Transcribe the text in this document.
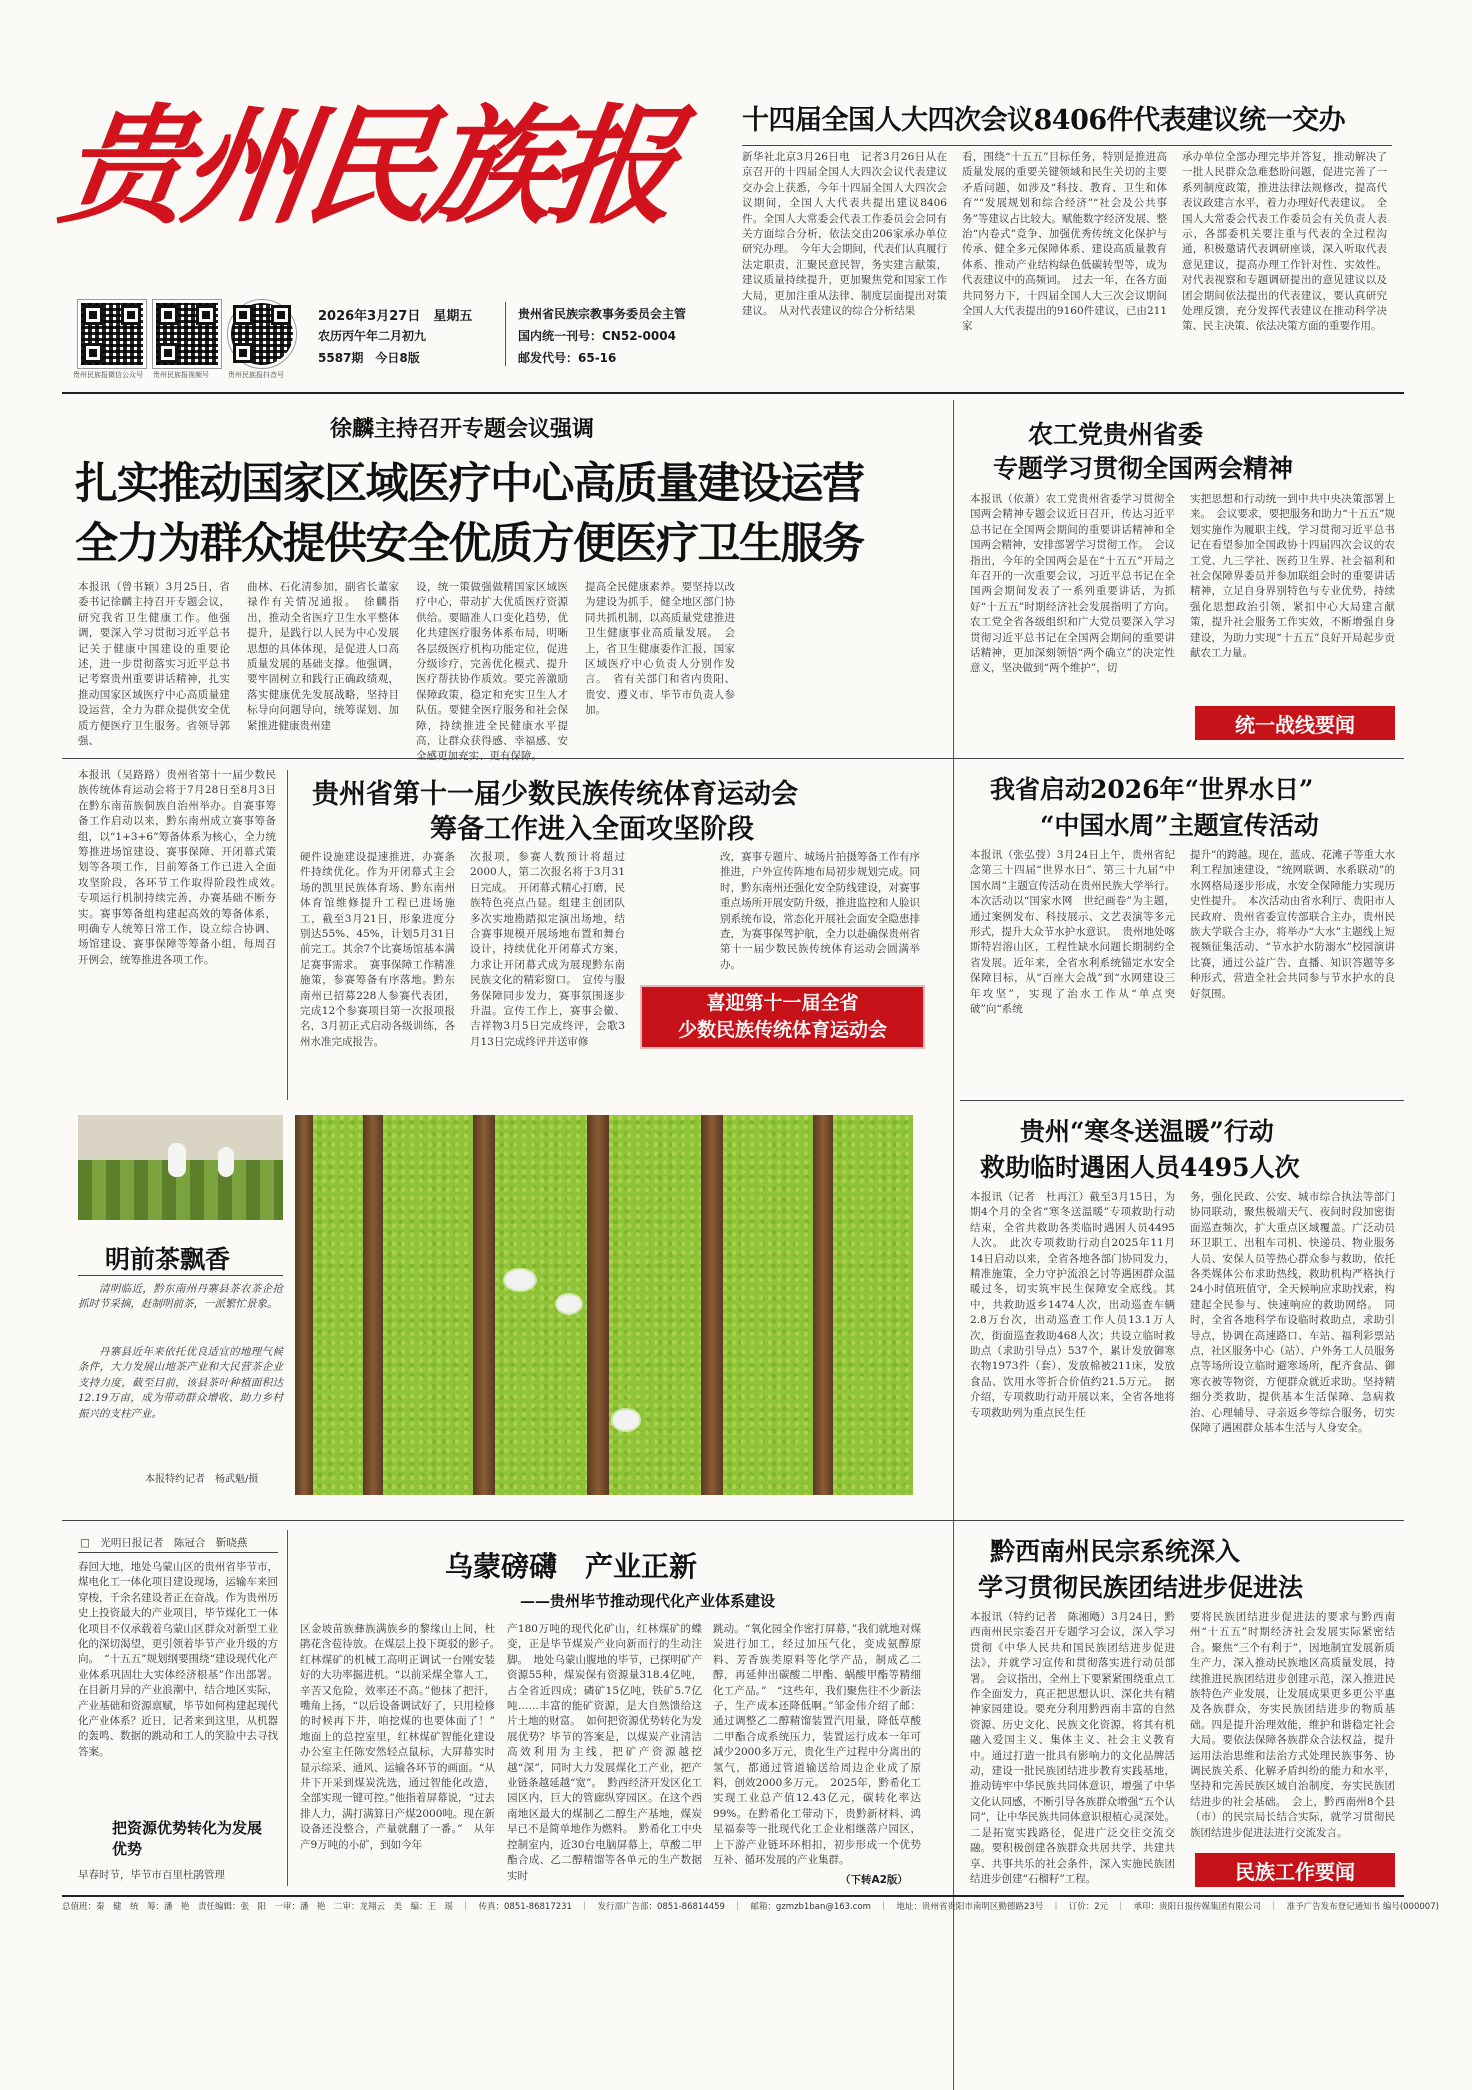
贵州民族报
贵州民族报微信公众号 贵州民族报视频号	贵州民族报抖音号
2026年3月27日　星期五
农历丙午年二月初九
5587期　今日8版
贵州省民族宗教事务委员会主管
国内统一刊号：CN52-0004
邮发代号：65-16
十四届全国人大四次会议8406件代表建议统一交办
新华社北京3月26日电　记者3月26日从在京召开的十四届全国人大四次会议代表建议交办会上获悉，今年十四届全国人大四次会议期间，全国人大代表共提出建议8406件。全国人大常委会代表工作委员会会同有关方面综合分析，依法交由206家承办单位研究办理。　今年大会期间，代表们认真履行法定职责，汇聚民意民智，务实建言献策，建议质量持续提升，更加聚焦党和国家工作大局，更加注重从法律、制度层面提出对策建议。　从对代表建议的综合分析结果
看，围绕“十五五”目标任务，特别是推进高质量发展的重要关键领域和民生关切的主要矛盾问题，如涉及“科技、教育、卫生和体育”“发展规划和综合经济”“社会及公共事务”等建议占比较大。赋能数字经济发展、整治“内卷式”竞争、加强优秀传统文化保护与传承、健全多元保障体系、建设高质量教育体系、推动产业结构绿色低碳转型等，成为代表建议中的高频词。　过去一年，在各方面共同努力下，十四届全国人大三次会议期间全国人大代表提出的9160件建议，已由211家
承办单位全部办理完毕并答复，推动解决了一批人民群众急难愁盼问题，促进完善了一系列制度政策，推进法律法规修改，提高代表议政建言水平，着力办理好代表建议。　全国人大常委会代表工作委员会有关负责人表示，各部委机关要注重与代表的全过程沟通，积极邀请代表调研座谈，深入听取代表意见建议，提高办理工作针对性、实效性。对代表视察和专题调研提出的意见建议以及团会期间依法提出的代表建议，要认真研究处理反馈，充分发挥代表建议在推动科学决策、民主决策、依法决策方面的重要作用。
徐麟主持召开专题会议强调
扎实推动国家区域医疗中心高质量建设运营
全力为群众提供安全优质方便医疗卫生服务
本报讯（曾书颖）3月25日，省委书记徐麟主持召开专题会议，研究我省卫生健康工作。他强调，要深入学习贯彻习近平总书记关于健康中国建设的重要论述，进一步贯彻落实习近平总书记考察贵州重要讲话精神，扎实推动国家区域医疗中心高质量建设运营，全力为群众提供安全优质方便医疗卫生服务。省领导郭强、
曲林、石化清参加，副省长董家禄作有关情况通报。　徐麟指出，推动全省医疗卫生水平整体提升，是践行以人民为中心发展思想的具体体现，是促进人口高质量发展的基础支撑。他强调，要牢固树立和践行正确政绩观，落实健康优先发展战略，坚持目标导向问题导向，统筹谋划、加紧推进健康贵州建
设，统一策做强做精国家区域医疗中心，带动扩大优质医疗资源供给。要瞄准人口变化趋势，优化共建医疗服务体系布局，明晰各层级医疗机构功能定位，促进分级诊疗，完善优化模式、提升医疗帮扶协作质效。要完善激励保障政策，稳定和充实卫生人才队伍。要健全医疗服务和社会保障，持续推进全民健康水平提高，让群众获得感、幸福感、安全感更加充实、更有保障。
提高全民健康素养。要坚持以改为建设为抓手，健全地区部门协同共抓机制，以高质量党建推进卫生健康事业高质量发展。　会上，省卫生健康委作汇报，国家区域医疗中心负责人分别作发言。　省有关部门和省内贵阳、贵安、遵义市、毕节市负责人参加。
农工党贵州省委
专题学习贯彻全国两会精神
本报讯（依萧）农工党贵州省委学习贯彻全国两会精神专题会议近日召开，传达习近平总书记在全国两会期间的重要讲话精神和全国两会精神，安排部署学习贯彻工作。　会议指出，今年的全国两会是在“十五五”开局之年召开的一次重要会议，习近平总书记在全国两会期间发表了一系列重要讲话，为抓好“十五五”时期经济社会发展指明了方向。农工党全省各级组织和广大党员要深入学习贯彻习近平总书记在全国两会期间的重要讲话精神，更加深刻领悟“两个确立”的决定性意义，坚决做到“两个维护”，切
实把思想和行动统一到中共中央决策部署上来。　会议要求，要把服务和助力“十五五”规划实施作为履职主线，学习贯彻习近平总书记在看望参加全国政协十四届四次会议的农工党、九三学社、医药卫生界、社会福利和社会保障界委员并参加联组会时的重要讲话精神，立足自身界别特色与专业优势，持续强化思想政治引领，紧扣中心大局建言献策，提升社会服务工作实效，不断增强自身建设，为助力实现“十五五”良好开局起步贡献农工力量。
统一战线要闻
贵州省第十一届少数民族传统体育运动会
筹备工作进入全面攻坚阶段
本报讯（吴路路）贵州省第十一届少数民族传统体育运动会将于7月28日至8月3日在黔东南苗族侗族自治州举办。自赛事筹备工作启动以来，黔东南州成立赛事筹备组，以“1+3+6”筹备体系为核心，全力统筹推进场馆建设、赛事保障、开闭幕式策划等各项工作，目前筹备工作已进入全面攻坚阶段，各环节工作取得阶段性成效。　专项运行机制持续完善，办赛基础不断夯实。赛事筹备组构建起高效的筹备体系，明确专人统筹日常工作，设立综合协调、场馆建设、赛事保障等筹备小组，每周召开例会，统筹推进各项工作。
硬件设施建设提速推进，办赛条件持续优化。作为开闭幕式主会场的凯里民族体育场、黔东南州体育馆维修提升工程已进场施工，截至3月21日，形象进度分别达55%、45%，计划5月31日前完工。其余7个比赛场馆基本满足赛事需求。　赛事保障工作精准施策，参赛筹备有序落地。黔东南州已招募228人参赛代表团，完成12个参赛项目第一次报项报名，3月初正式启动各级训练，各州水准完成报告。
次报项，参赛人数预计将超过2000人，第二次报名将于3月31日完成。　开闭幕式精心打磨，民族特色亮点凸显。组建主创团队多次实地勘踏拟定演出场地，结合赛事规模开展场地布置和舞台设计，持续优化开闭幕式方案，力求让开闭幕式成为展现黔东南民族文化的精彩窗口。　宣传与服务保障同步发力，赛事氛围逐步升温。宣传工作上，赛事会徽、吉祥物3月5日完成终评，会歌3月13日完成终评并送审修
改，赛事专题片、城场片拍摄筹备工作有序推进，户外宣传阵地布局初步规划完成。同时，黔东南州还强化安全防线建设，对赛事重点场所开展安防升级，推进监控和人脸识别系统布设，常态化开展社会面安全隐患排查，为赛事保驾护航，全力以赴确保贵州省第十一届少数民族传统体育运动会圆满举办。
喜迎第十一届全省
少数民族传统体育运动会
我省启动2026年“世界水日”
“中国水周”主题宣传活动
本报讯（张弘弢）3月24日上午，贵州省纪念第三十四届“世界水日”、第三十九届“中国水周”主题宣传活动在贵州民族大学举行。本次活动以“国家水网　世纪画卷”为主题，通过案例发布、科技展示、文艺表演等多元形式，提升大众节水护水意识。　贵州地处喀斯特岩溶山区，工程性缺水问题长期制约全省发展。近年来，全省水利系统锚定水安全保障目标，从“百座大会战”到“水网建设三年攻坚”，实现了治水工作从“单点突破”向“系统
提升”的跨越。现在，蓝成、花滩子等重大水利工程加速建设，“统网联调、水系联动”的水网格局逐步形成，水安全保障能力实现历史性提升。　本次活动由省水利厅、贵阳市人民政府、贵州省委宣传部联合主办，贵州民族大学联合主办，将举办“大水”主题线上短视频征集活动、“节水护水防溺水”校园演讲比赛，通过公益广告、直播、知识答题等多种形式，营造全社会共同参与节水护水的良好氛围。
明前茶飘香
清明临近，黔东南州丹寨县茶农茶企抢抓时节采摘，赶制明前茶，一派繁忙景象。
丹寨县近年来依托优良适宜的地理气候条件，大力发展山地茶产业和大民营茶企业支持力度，截至目前，该县茶叶种植面积达12.19万亩，成为带动群众增收、助力乡村振兴的支柱产业。
本报特约记者　杨武魁/摄
贵州“寒冬送温暖”行动
救助临时遇困人员4495人次
本报讯（记者　杜再江）截至3月15日，为期4个月的全省“寒冬送温暖”专项救助行动结束，全省共救助各类临时遇困人员4495人次。　此次专项救助行动自2025年11月14日启动以来，全省各地各部门协同发力，精准施策，全力守护流浪乞讨等遇困群众温暖过冬，切实筑牢民生保障安全底线。其中，共救助返乡1474人次，出动巡查车辆2.8万台次，出动巡查工作人员13.1万人次，街面巡查救助468人次；共设立临时救助点（求助引导点）537个，累计发放御寒衣物1973件（套）、发放棉被211床，发放食品、饮用水等折合价值约21.5万元。　据介绍，专项救助行动开展以来，全省各地将专项救助列为重点民生任
务，强化民政、公安、城市综合执法等部门协同联动，聚焦极端天气、夜间时段加密街面巡查频次，扩大重点区域覆盖。广泛动员环卫职工、出租车司机、快递员、物业服务人员、安保人员等热心群众参与救助，依托各类媒体公布求助热线，救助机构严格执行24小时值班值守，全天候响应求助找索，构建起全民参与、快速响应的救助网络。　同时，全省各地科学布设临时救助点，求助引导点，协调在高速路口、车站、福利彩票站点，社区服务中心（站）、户外务工人员服务点等场所设立临时避寒场所，配齐食品、御寒衣被等物资，方便群众就近求助。坚持精细分类救助，提供基本生活保障、急病救治、心理辅导、寻亲返乡等综合服务，切实保障了遇困群众基本生活与人身安全。
□　光明日报记者　陈冠合　靳晓燕
乌蒙磅礴　产业正新
——贵州毕节推动现代化产业体系建设
春回大地，地处乌蒙山区的贵州省毕节市，煤电化工一体化项目建设现场，运输车来回穿梭，千余名建设者正在奋战。作为贵州历史上投资最大的产业项目，毕节煤化工一体化项目不仅承载着乌蒙山区群众对新型工业化的深切渴望，更引领着毕节产业升级的方向。　“十五五”规划纲要围绕“建设现代化产业体系巩固壮大实体经济根基”作出部署。在目新月异的产业浪潮中，结合地区实际，产业基础和资源禀赋，毕节如何构建起现代化产业体系？近日，记者来到这里，从机器的轰鸣、数据的跳动和工人的笑脸中去寻找答案。
把资源优势转化为发展优势
早春时节，毕节市百里杜鹃管理
区金坡苗族彝族满族乡的黎缘山上间，杜鹃花含苞待放。在煤层上投下斑驳的影子。　红林煤矿的机械工高明正调试一台刚安装好的大功率掘进机。“以前采煤全靠人工，辛苦又危险，效率还不高。”他抹了把汗，嘴角上扬，“以后设备调试好了，只用检修的时候再下井，咱挖煤的也要体面了！”　地面上的总控室里，红林煤矿智能化建设办公室主任陈安然轻点鼠标，大屏幕实时显示综采、通风、运输各环节的画面。“从井下开采到煤炭洗选，通过智能化改造，全部实现一键可控。”他指着屏幕说，“过去排人力，满打满算日产煤2000吨。现在新设备还没整合，产量就翻了一番。”　从年产9万吨的小矿，到如今年
产180万吨的现代化矿山，红林煤矿的蝶变，正是毕节煤炭产业向新而行的生动注脚。　地处乌蒙山腹地的毕节，已探明矿产资源55种，煤炭保有资源量318.4亿吨，占全省近四成；磷矿15亿吨，铁矿5.7亿吨……丰富的能矿资源，是大自然馈给这片土地的财富。　如何把资源优势转化为发展优势？毕节的答案是，以煤炭产业清洁高效利用为主线，把矿产资源越挖越“深”，同时大力发展煤化工产业，把产业链条越延越“宽”。　黔西经济开发区化工园区内，巨大的管廊纵穿园区。在这个西南地区最大的煤制乙二醇生产基地，煤炭早已不是简单地作为燃料。　黔希化工中央控制室内，近30台电脑屏幕上，草酸二甲酯合成、乙二醇精馏等各单元的生产数据实时
跳动。“氧化园全作密打屏幕，”我们就地对煤炭进行加工，经过加压气化，变成氨醇原料、芳香族类原料等化学产品，制成乙二醇，再延伸出碳酸二甲酯、蜗酸甲酯等精细化工产品。”　“这些年，我们聚焦往不少新法子，生产成本还降低啊。”邹金伟介绍了邮：通过调整乙二醇精馏装置汽用量，降低草酸二甲酯合成系统压力，装置运行成本一年可减少2000多万元，贵化生产过程中分离出的氢气，都通过管道输送给周边企业成了原料，创效2000多万元。　2025年，黔希化工实现工业总产值12.43亿元，碳转化率达99%。在黔希化工带动下，贵黔新材料、鸿星福泰等一批现代化工企业相继落户园区，上下游产业链环环相扣，初步形成一个优势互补、循环发展的产业集群。
（下转A2版）
黔西南州民宗系统深入
学习贯彻民族团结进步促进法
本报讯（特约记者　陈湘飏）3月24日，黔西南州民宗委召开专题学习会议，深入学习贯彻《中华人民共和国民族团结进步促进法》，并就学习宣传和贯彻落实进行动员部署。　会议指出，全州上下要紧紧围绕重点工作全面发力，真正把思想认识、深化共有精神家园建设。要充分利用黔西南丰富的自然资源、历史文化、民族文化资源，将其有机融入爱国主义、集体主义、社会主义教育中。通过打造一批具有影响力的文化品牌活动，建设一批民族团结进步教育实践基地，推动铸牢中华民族共同体意识，增强了中华文化认同感，不断引导各族群众增强“五个认同”，让中华民族共同体意识根植心灵深处。二是拓宽实践路径，促进广泛交往交流交融。要积极创建各族群众共居共学、共建共享、共事共乐的社会条件，深入实施民族团结进步创建“石榴籽”工程。
要将民族团结进步促进法的要求与黔西南州“十五五”时期经济社会发展实际紧密结合。聚焦“三个有利于”，因地制宜发展新质生产力，深入推动民族地区高质量发展，持续推进民族团结进步创建示范，深入推进民族特色产业发展，让发展成果更多更公平惠及各族群众，夯实民族团结进步的物质基础。四是提升治理效能，维护和谐稳定社会大局。要依法保障各族群众合法权益，提升运用法治思维和法治方式处理民族事务、协调民族关系、化解矛盾纠纷的能力和水平，坚持和完善民族区域自治制度，夯实民族团结进步的社会基础。　会上，黔西南州8个县（市）的民宗局长结合实际，就学习贯彻民族团结进步促进法进行交流发言。
民族工作要闻
总值班：秦　健　统　筹：潘　艳　责任编辑：张　阳　一审：潘　艳　二审：龙翔云　美　编：王　瑶　｜　传真：0851-86817231　｜　发行部广告部：0851-86814459　｜　邮箱：gzmzb1ban@163.com　｜　地址：贵州省贵阳市南明区勤德路23号　｜　订价：2元　｜　承印：贵阳日报传媒集团有限公司　｜　准予广告发布登记通知书 编号(000007)
